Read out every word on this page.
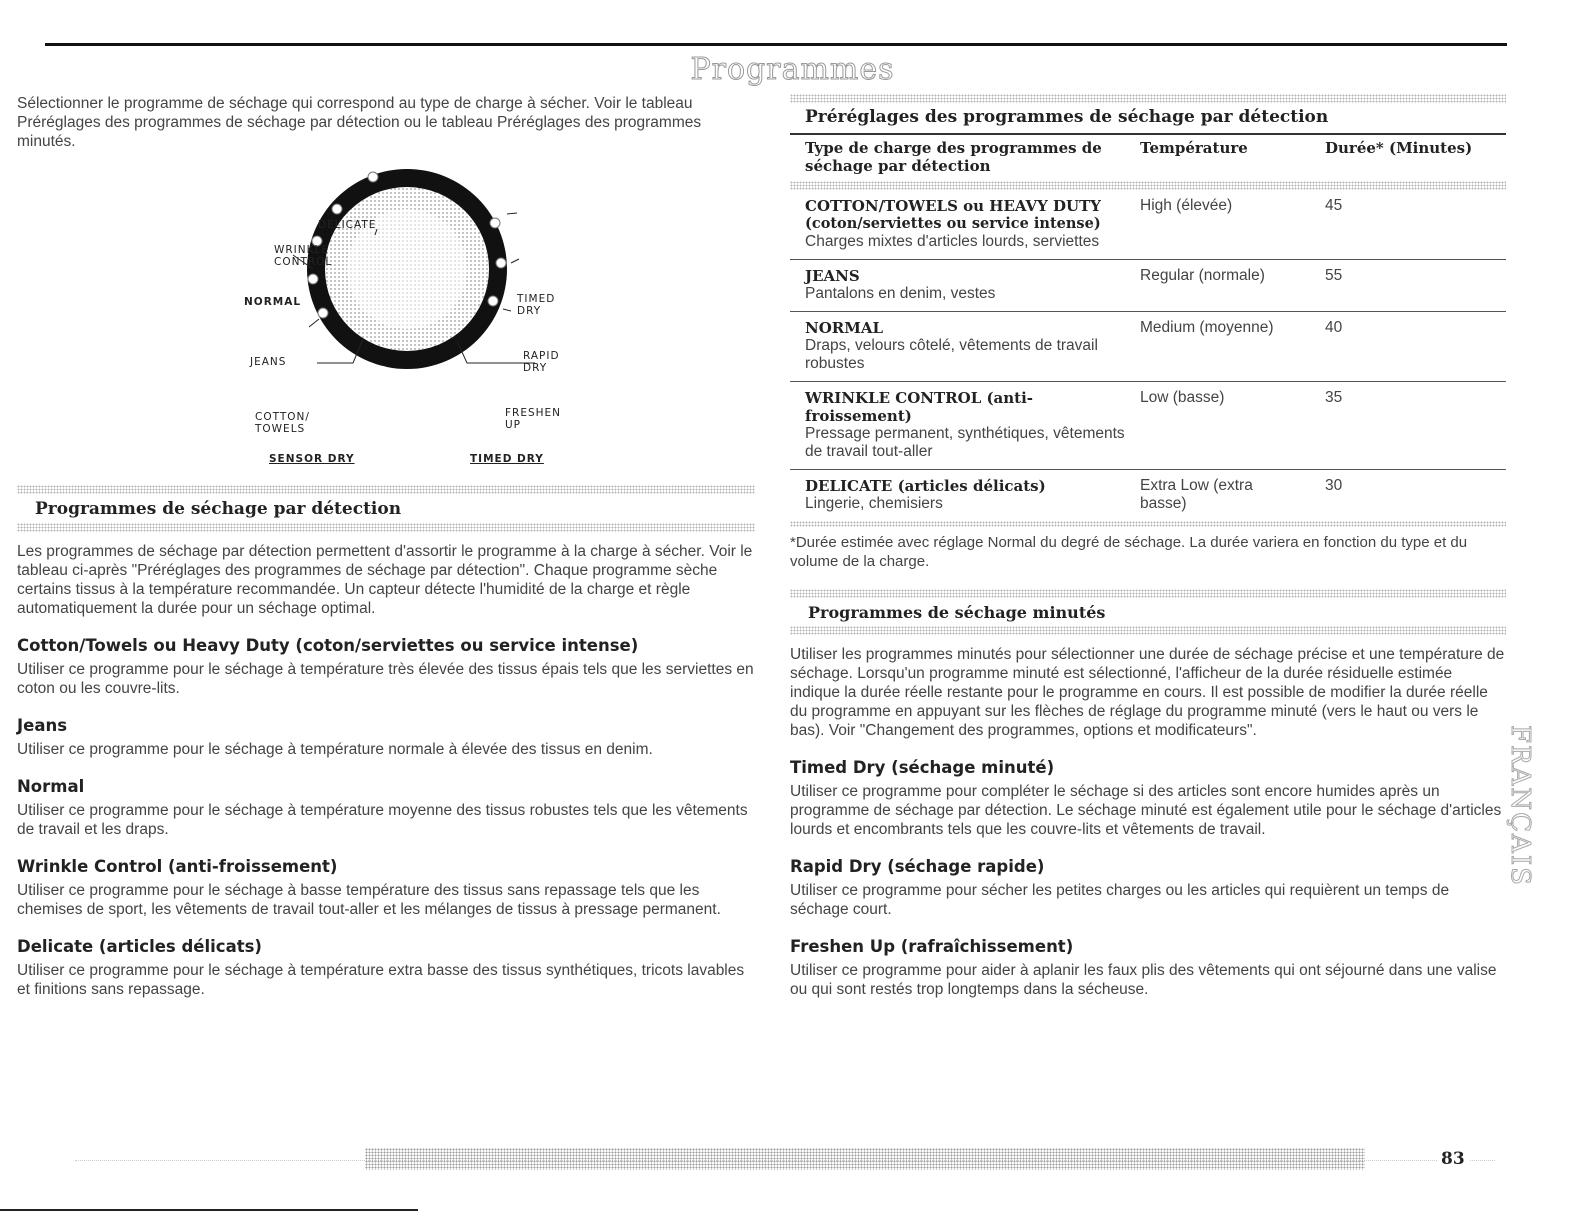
Programmes

Sélectionner le programme de séchage qui correspond au type de charge à sécher. Voir le tableau Préréglages des programmes de séchage par détection ou le tableau Préréglages des programmes minutés.

DELICATE
WRINKLE
CONTROL
NORMAL
JEANS
COTTON/
TOWELS
SENSOR DRY
TIMED
DRY
RAPID
DRY
FRESHEN
UP
TIMED DRY
Programmes de séchage par détection

Les programmes de séchage par détection permettent d'assortir le programme à la charge à sécher. Voir le tableau ci-après "Préréglages des programmes de séchage par détection". Chaque programme sèche certains tissus à la température recommandée. Un capteur détecte l'humidité de la charge et règle automatiquement la durée pour un séchage optimal.

Cotton/Towels ou Heavy Duty (coton/serviettes ou service intense)

Utiliser ce programme pour le séchage à température très élevée des tissus épais tels que les serviettes en coton ou les couvre-lits.

Jeans

Utiliser ce programme pour le séchage à température normale à élevée des tissus en denim.

Normal

Utiliser ce programme pour le séchage à température moyenne des tissus robustes tels que les vêtements de travail et les draps.

Wrinkle Control (anti-froissement)

Utiliser ce programme pour le séchage à basse température des tissus sans repassage tels que les chemises de sport, les vêtements de travail tout-aller et les mélanges de tissus à pressage permanent.

Delicate (articles délicats)

Utiliser ce programme pour le séchage à température extra basse des tissus synthétiques, tricots lavables et finitions sans repassage.

Préréglages des programmes de séchage par détection
Type de charge des programmes de séchage par détection	Température	Durée* (Minutes)

COTTON/TOWELS ou HEAVY DUTY
(coton/serviettes ou service intense)
Charges mixtes d'articles lourds, serviettes	High (élevée)	45

JEANS
Pantalons en denim, vestes	Regular (normale)	55

NORMAL
Draps, velours côtelé, vêtements de travail robustes	Medium (moyenne)	40

WRINKLE CONTROL (anti-froissement)
Pressage permanent, synthétiques, vêtements de travail tout-aller	Low (basse)	35

DELICATE (articles délicats)
Lingerie, chemisiers	Extra Low (extra basse)	30

*Durée estimée avec réglage Normal du degré de séchage. La durée variera en fonction du type et du volume de la charge.

Programmes de séchage minutés

Utiliser les programmes minutés pour sélectionner une durée de séchage précise et une température de séchage. Lorsqu'un programme minuté est sélectionné, l'afficheur de la durée résiduelle estimée indique la durée réelle restante pour le programme en cours. Il est possible de modifier la durée réelle du programme en appuyant sur les flèches de réglage du programme minuté (vers le haut ou vers le bas). Voir "Changement des programmes, options et modificateurs".

Timed Dry (séchage minuté)

Utiliser ce programme pour compléter le séchage si des articles sont encore humides après un programme de séchage par détection. Le séchage minuté est également utile pour le séchage d'articles lourds et encombrants tels que les couvre-lits et vêtements de travail.

Rapid Dry (séchage rapide)

Utiliser ce programme pour sécher les petites charges ou les articles qui requièrent un temps de séchage court.

Freshen Up (rafraîchissement)

Utiliser ce programme pour aider à aplanir les faux plis des vêtements qui ont séjourné dans une valise ou qui sont restés trop longtemps dans la sécheuse.

FRANÇAIS
83
